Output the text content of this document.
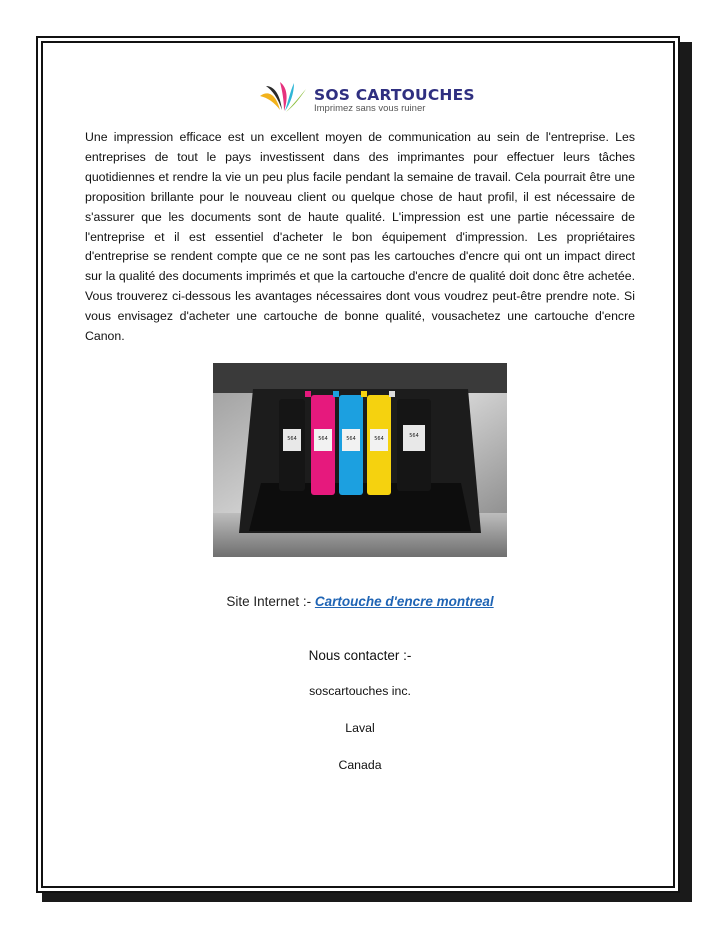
SOS CARTOUCHES
Imprimez sans vous ruiner

Une impression efficace est un excellent moyen de communication au sein de l'entreprise. Les entreprises de tout le pays investissent dans des imprimantes pour effectuer leurs tâches quotidiennes et rendre la vie un peu plus facile pendant la semaine de travail. Cela pourrait être une proposition brillante pour le nouveau client ou quelque chose de haut profil, il est nécessaire de s'assurer que les documents sont de haute qualité. L'impression est une partie nécessaire de l'entreprise et il est essentiel d'acheter le bon équipement d'impression. Les propriétaires d'entreprise se rendent compte que ce ne sont pas les cartouches d'encre qui ont un impact direct sur la qualité des documents imprimés et que la cartouche d'encre de qualité doit donc être achetée. Vous trouverez ci-dessous les avantages nécessaires dont vous voudrez peut-être prendre note. Si vous envisagez d'acheter une cartouche de bonne qualité, vousachetez une cartouche d'encre Canon.

564	564	564	564	564
Site Internet :- Cartouche d'encre montreal
Nous contacter :-
soscartouches inc.
Laval
Canada
